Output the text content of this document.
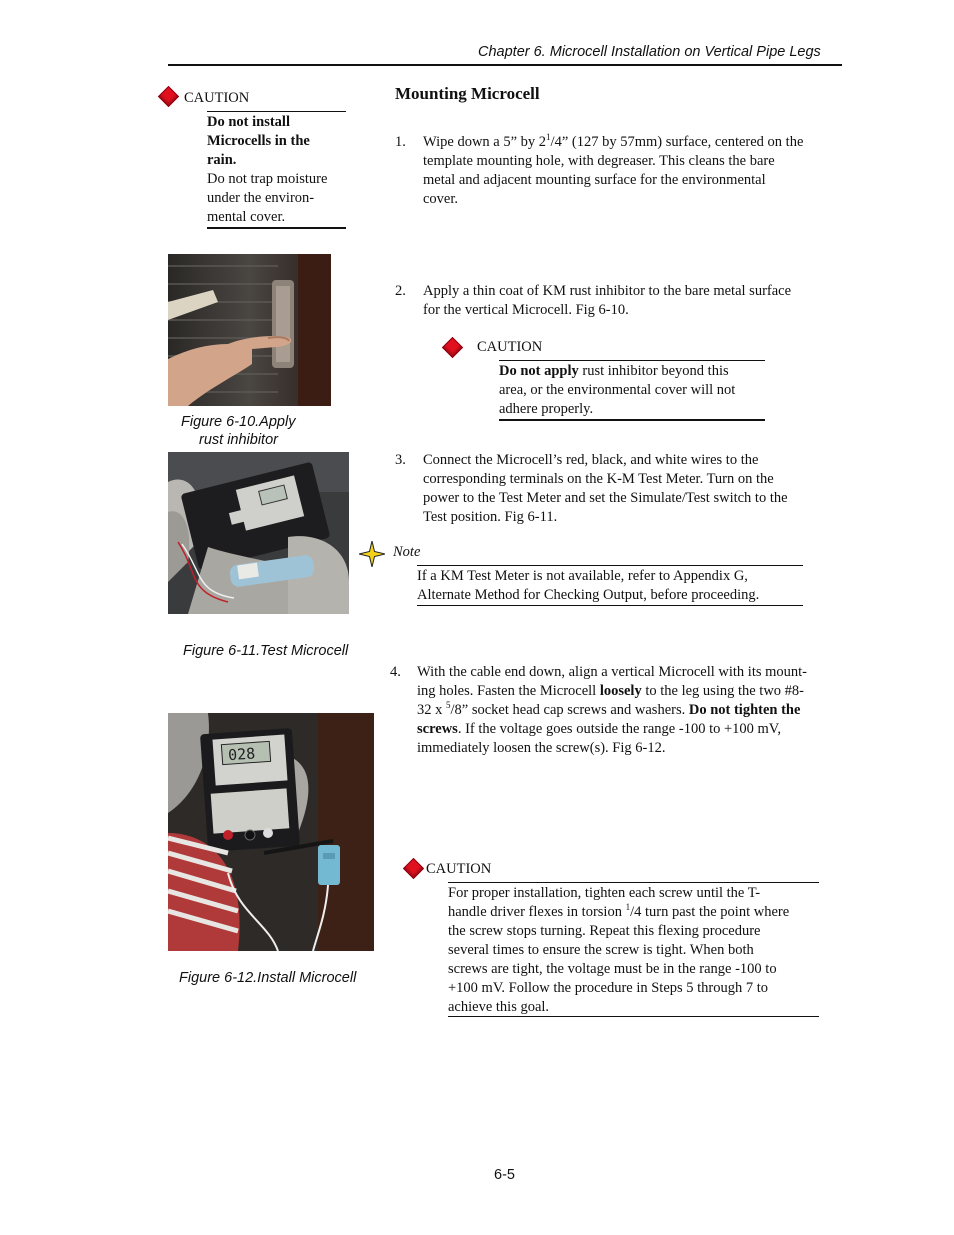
Chapter 6. Microcell Installation on Vertical Pipe Legs
CAUTION
Do not install
Microcells in the
rain.
Do not trap moisture
under the environ-
mental cover.
Mounting Microcell
1. Wipe down a 5” by $2^1/4$” (127 by 57mm) surface, centered on the
template mounting hole, with degreaser. This cleans the bare
metal and adjacent mounting surface for the environmental
cover.
Figure 6-10.Apply
rust inhibitor
2. Apply a thin coat of KM rust inhibitor to the bare metal surface
for the vertical Microcell. Fig 6-10.
CAUTION
Do not apply rust inhibitor beyond this
area, or the environmental cover will not
adhere properly.
Figure 6-11.Test Microcell
3. Connect the Microcell’s red, black, and white wires to the
corresponding terminals on the K-M Test Meter. Turn on the
power to the Test Meter and set the Simulate/Test switch to the
Test position. Fig 6-11.
Note
If a KM Test Meter is not available, refer to Appendix G,
Alternate Method for Checking Output, before proceeding.
4. With the cable end down, align a vertical Microcell with its mount-
ing holes. Fasten the Microcell loosely to the leg using the two #8-
32 x $^5$/8” socket head cap screws and washers. Do not tighten the
screws. If the voltage goes outside the range -100 to +100 mV,
immediately loosen the screw(s). Fig 6-12.
028
Figure 6-12.Install Microcell
CAUTION
For proper installation, tighten each screw until the T-
handle driver flexes in torsion $^1$/4 turn past the point where
the screw stops turning. Repeat this flexing procedure
several times to ensure the screw is tight. When both
screws are tight, the voltage must be in the range -100 to
+100 mV. Follow the procedure in Steps 5 through 7 to
achieve this goal.
6-5
